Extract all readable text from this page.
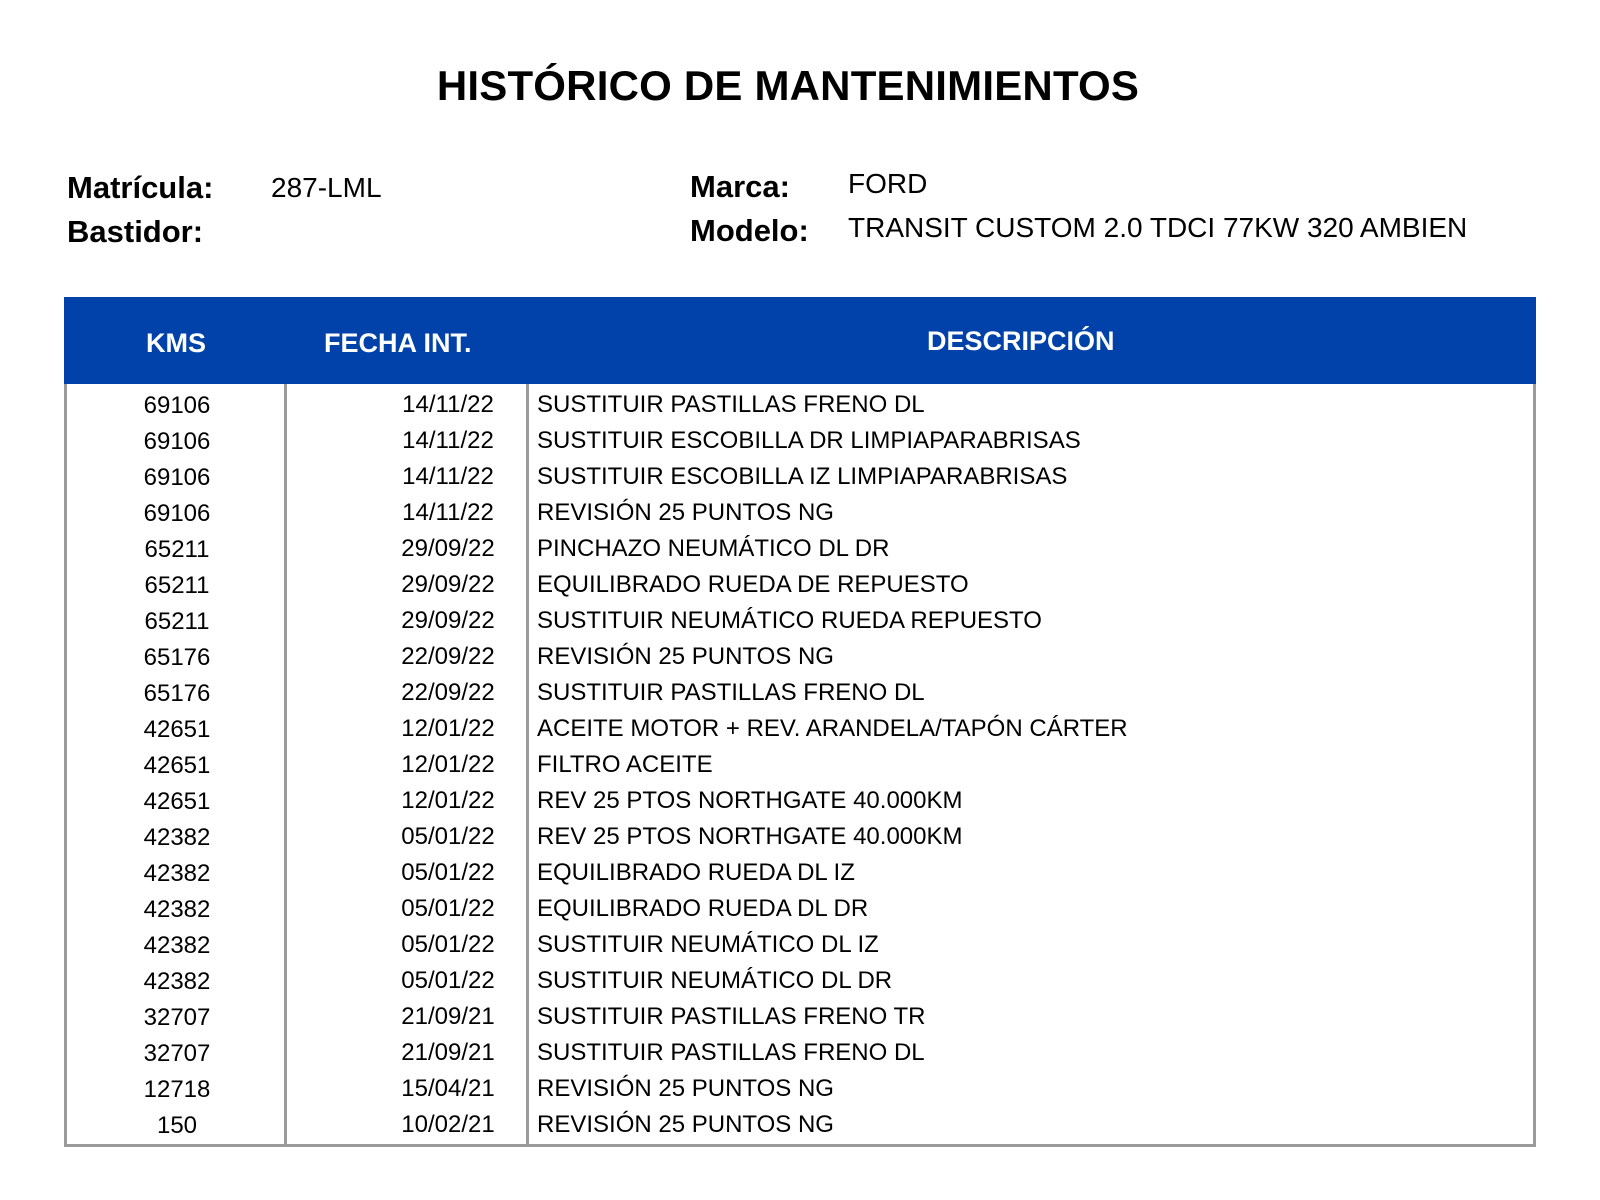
HISTÓRICO DE MANTENIMIENTOS
Matrícula: 287-LML
Bastidor:
Marca: FORD
Modelo: TRANSIT CUSTOM 2.0 TDCI 77KW 320 AMBIEN
KMS	FECHA INT.	DESCRIPCIÓN
69106	14/11/22	SUSTITUIR PASTILLAS FRENO DL
69106	14/11/22	SUSTITUIR ESCOBILLA DR LIMPIAPARABRISAS
69106	14/11/22	SUSTITUIR ESCOBILLA IZ LIMPIAPARABRISAS
69106	14/11/22	REVISIÓN 25 PUNTOS NG
65211	29/09/22	PINCHAZO NEUMÁTICO DL DR
65211	29/09/22	EQUILIBRADO RUEDA DE REPUESTO
65211	29/09/22	SUSTITUIR NEUMÁTICO RUEDA REPUESTO
65176	22/09/22	REVISIÓN 25 PUNTOS NG
65176	22/09/22	SUSTITUIR PASTILLAS FRENO DL
42651	12/01/22	ACEITE MOTOR + REV. ARANDELA/TAPÓN CÁRTER
42651	12/01/22	FILTRO ACEITE
42651	12/01/22	REV 25 PTOS NORTHGATE 40.000KM
42382	05/01/22	REV 25 PTOS NORTHGATE 40.000KM
42382	05/01/22	EQUILIBRADO RUEDA DL IZ
42382	05/01/22	EQUILIBRADO RUEDA DL DR
42382	05/01/22	SUSTITUIR NEUMÁTICO DL IZ
42382	05/01/22	SUSTITUIR NEUMÁTICO DL DR
32707	21/09/21	SUSTITUIR PASTILLAS FRENO TR
32707	21/09/21	SUSTITUIR PASTILLAS FRENO DL
12718	15/04/21	REVISIÓN 25 PUNTOS NG
150	10/02/21	REVISIÓN 25 PUNTOS NG
